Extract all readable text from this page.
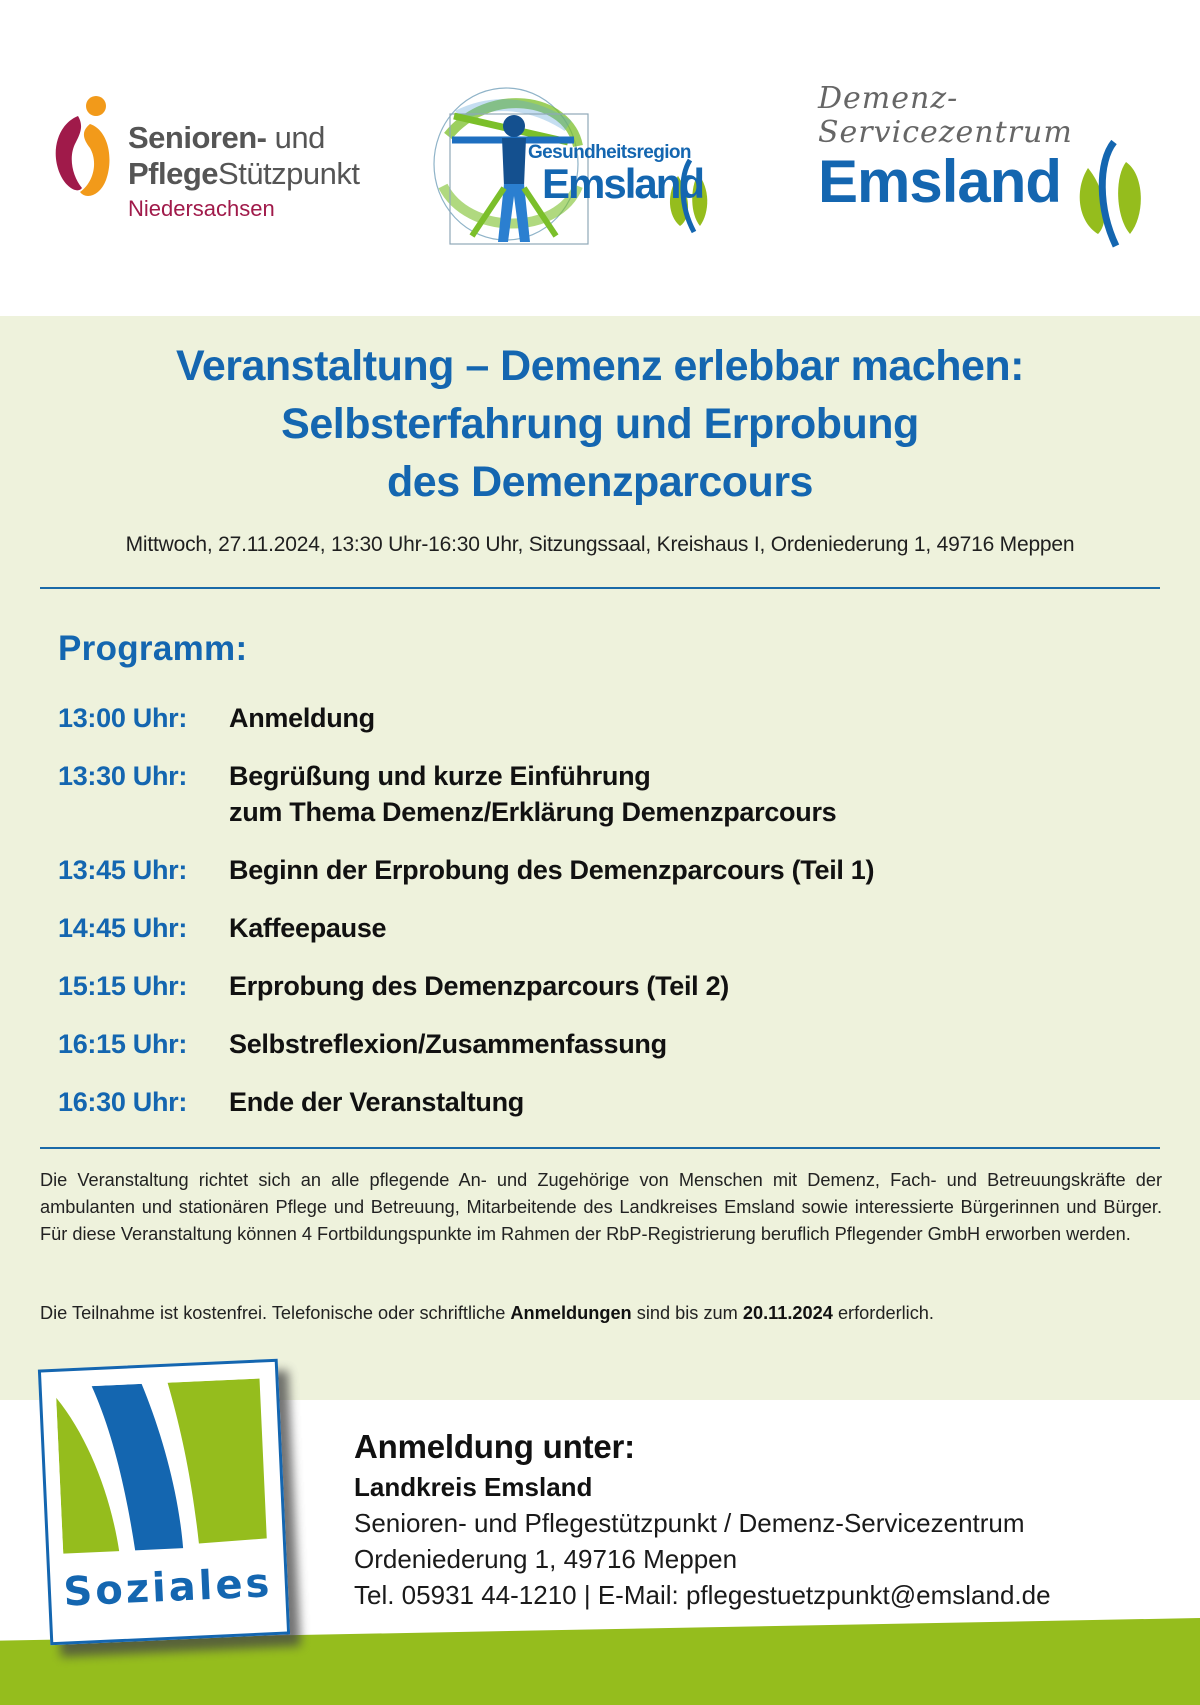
Senioren- und
PflegeStützpunkt
Niedersachsen
Gesundheitsregion
Emsland
Demenz-
Servicezentrum
Emsland
Veranstaltung – Demenz erlebbar machen:
Selbsterfahrung und Erprobung
des Demenzparcours
Mittwoch, 27.11.2024, 13:30 Uhr-16:30 Uhr, Sitzungssaal, Kreishaus I, Ordeniederung 1, 49716 Meppen
Programm:
13:00 Uhr:	Anmeldung
13:30 Uhr:	Begrüßung und kurze Einführung
zum Thema Demenz/Erklärung Demenzparcours
13:45 Uhr:	Beginn der Erprobung des Demenzparcours (Teil 1)
14:45 Uhr:	Kaffeepause
15:15 Uhr:	Erprobung des Demenzparcours (Teil 2)
16:15 Uhr:	Selbstreflexion/Zusammenfassung
16:30 Uhr:	Ende der Veranstaltung

Die Veranstaltung richtet sich an alle pflegende An- und Zugehörige von Menschen mit Demenz, Fach- und Betreuungskräfte der ambulanten und stationären Pflege und Betreuung, Mitarbeitende des Landkreises Emsland sowie interessierte Bürgerinnen und Bürger. Für diese Veranstaltung können 4 Fortbildungspunkte im Rahmen der RbP-Registrierung beruflich Pflegender GmbH erworben werden.

Die Teilnahme ist kostenfrei. Telefonische oder schriftliche Anmeldungen sind bis zum 20.11.2024 erforderlich.

Soziales
Anmeldung unter:
Landkreis Emsland
Senioren- und Pflegestützpunkt / Demenz-Servicezentrum
Ordeniederung 1, 49716 Meppen
Tel. 05931 44-1210 | E-Mail: pflegestuetzpunkt@emsland.de
